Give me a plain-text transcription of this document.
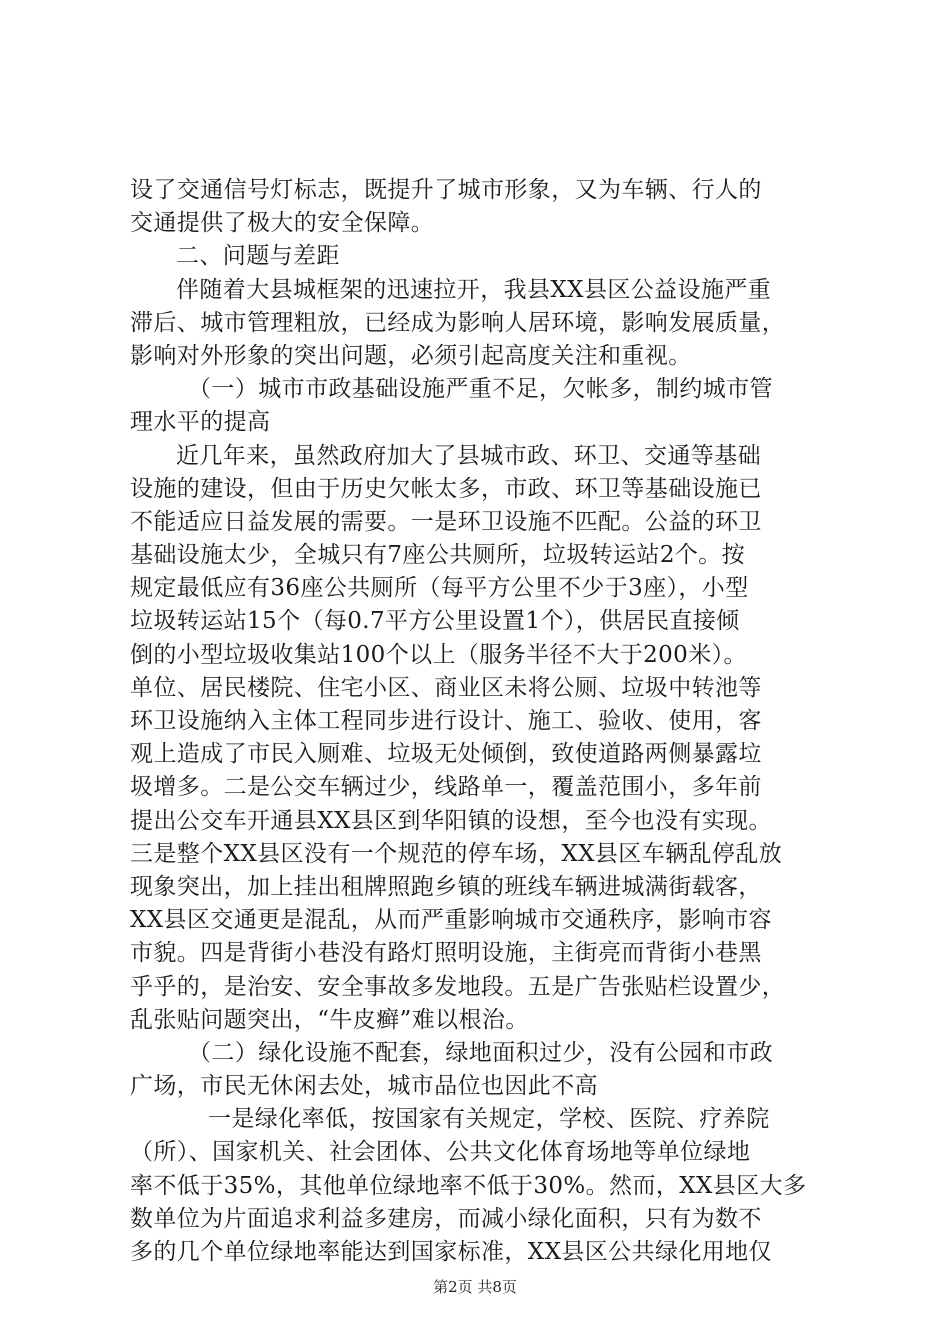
设了交通信号灯标志，既提升了城市形象，又为车辆、行人的
交通提供了极大的安全保障。
二、问题与差距
伴随着大县城框架的迅速拉开，我县XX县区公益设施严重
滞后、城市管理粗放，已经成为影响人居环境，影响发展质量，
影响对外形象的突出问题，必须引起高度关注和重视。
（一）城市市政基础设施严重不足，欠帐多，制约城市管
理水平的提高
近几年来，虽然政府加大了县城市政、环卫、交通等基础
设施的建设，但由于历史欠帐太多，市政、环卫等基础设施已
不能适应日益发展的需要。一是环卫设施不匹配。公益的环卫
基础设施太少，全城只有7座公共厕所，垃圾转运站2个。按
规定最低应有36座公共厕所（每平方公里不少于3座），小型
垃圾转运站15个（每0.7平方公里设置1个），供居民直接倾
倒的小型垃圾收集站100个以上（服务半径不大于200米）。
单位、居民楼院、住宅小区、商业区未将公厕、垃圾中转池等
环卫设施纳入主体工程同步进行设计、施工、验收、使用，客
观上造成了市民入厕难、垃圾无处倾倒，致使道路两侧暴露垃
圾增多。二是公交车辆过少，线路单一，覆盖范围小，多年前
提出公交车开通县XX县区到华阳镇的设想，至今也没有实现。
三是整个XX县区没有一个规范的停车场，XX县区车辆乱停乱放
现象突出，加上挂出租牌照跑乡镇的班线车辆进城满街载客，
XX县区交通更是混乱，从而严重影响城市交通秩序，影响市容
市貌。四是背街小巷没有路灯照明设施，主街亮而背街小巷黑
乎乎的，是治安、安全事故多发地段。五是广告张贴栏设置少，
乱张贴问题突出，“牛皮癣”难以根治。
（二）绿化设施不配套，绿地面积过少，没有公园和市政
广场，市民无休闲去处，城市品位也因此不高
一是绿化率低，按国家有关规定，学校、医院、疗养院
（所）、国家机关、社会团体、公共文化体育场地等单位绿地
率不低于35%，其他单位绿地率不低于30%。然而，XX县区大多
数单位为片面追求利益多建房，而减小绿化面积，只有为数不
多的几个单位绿地率能达到国家标准，XX县区公共绿化用地仅
第2页 共8页
